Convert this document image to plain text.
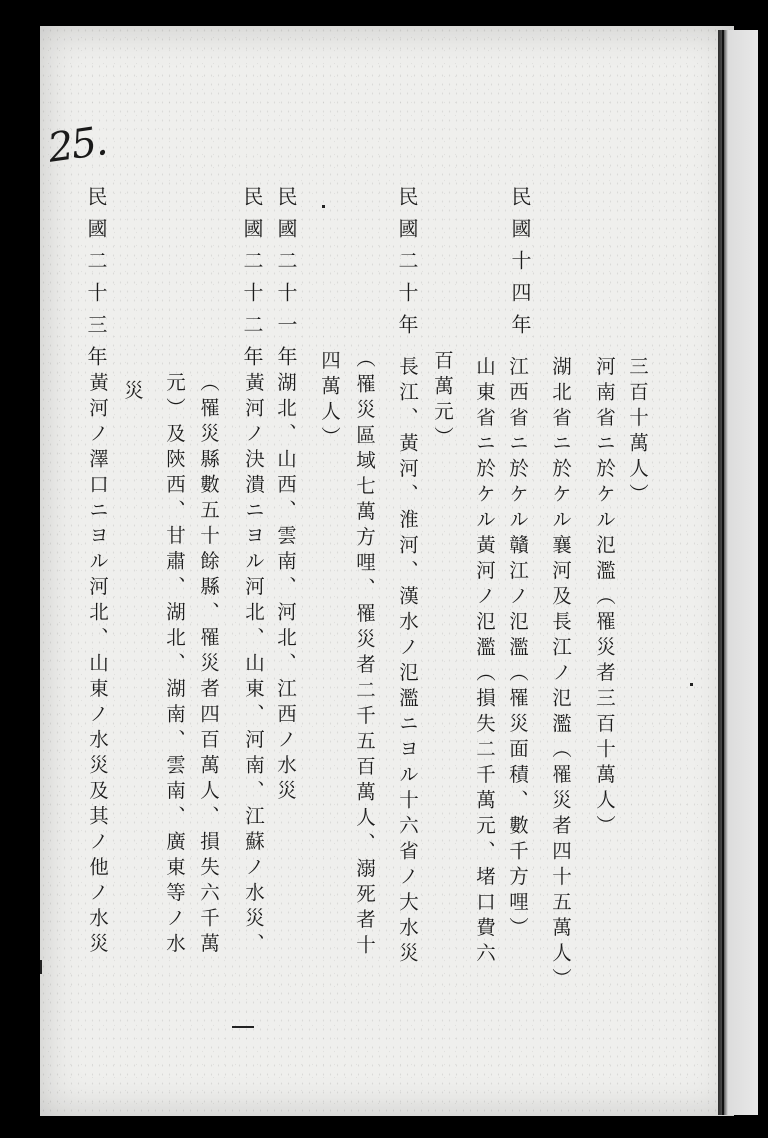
25.
三百十萬人）
河南省ニ於ケル氾濫（罹災者三百十萬人）
湖北省ニ於ケル襄河及長江ノ氾濫（罹災者四十五萬人）
江西省ニ於ケル贛江ノ氾濫（罹災面積、數千方哩）
山東省ニ於ケル黃河ノ氾濫（損失二千萬元、堵口費六
百萬元）
長江、黃河、淮河、漢水ノ氾濫ニヨル十六省ノ大水災
（罹災區域七萬方哩、罹災者二千五百萬人、溺死者十
四萬人）
湖北、山西、雲南、河北、江西ノ水災
黃河ノ決潰ニヨル河北、山東、河南、江蘇ノ水災、
（罹災縣數五十餘縣、罹災者四百萬人、損失六千萬
元）及陝西、甘肅、湖北、湖南、雲南、廣東等ノ水
災
黃河ノ澤口ニヨル河北、山東ノ水災及其ノ他ノ水災
民國十四年
民國二十年
民國二十一年
民國二十二年
民國二十三年
